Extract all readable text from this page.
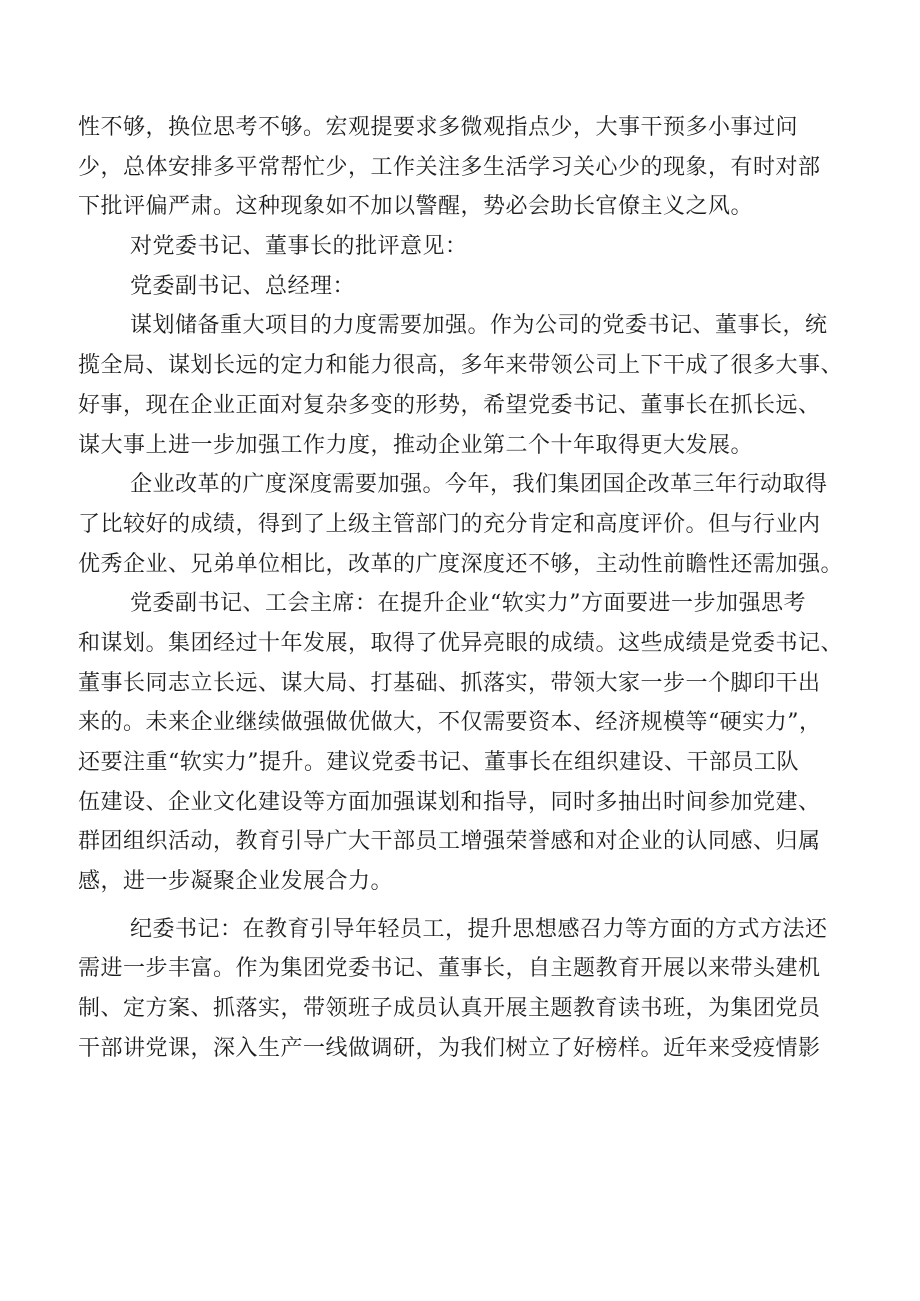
性不够，换位思考不够。宏观提要求多微观指点少，大事干预多小事过问
少，总体安排多平常帮忙少，工作关注多生活学习关心少的现象，有时对部
下批评偏严肃。这种现象如不加以警醒，势必会助长官僚主义之风。
对党委书记、董事长的批评意见：
党委副书记、总经理：
谋划储备重大项目的力度需要加强。作为公司的党委书记、董事长，统
揽全局、谋划长远的定力和能力很高，多年来带领公司上下干成了很多大事、
好事，现在企业正面对复杂多变的形势，希望党委书记、董事长在抓长远、
谋大事上进一步加强工作力度，推动企业第二个十年取得更大发展。
企业改革的广度深度需要加强。今年，我们集团国企改革三年行动取得
了比较好的成绩，得到了上级主管部门的充分肯定和高度评价。但与行业内
优秀企业、兄弟单位相比，改革的广度深度还不够，主动性前瞻性还需加强。
党委副书记、工会主席：在提升企业“软实力”方面要进一步加强思考
和谋划。集团经过十年发展，取得了优异亮眼的成绩。这些成绩是党委书记、
董事长同志立长远、谋大局、打基础、抓落实，带领大家一步一个脚印干出
来的。未来企业继续做强做优做大，不仅需要资本、经济规模等“硬实力”，
还要注重“软实力”提升。建议党委书记、董事长在组织建设、干部员工队
伍建设、企业文化建设等方面加强谋划和指导，同时多抽出时间参加党建、
群团组织活动，教育引导广大干部员工增强荣誉感和对企业的认同感、归属
感，进一步凝聚企业发展合力。
纪委书记：在教育引导年轻员工，提升思想感召力等方面的方式方法还
需进一步丰富。作为集团党委书记、董事长，自主题教育开展以来带头建机
制、定方案、抓落实，带领班子成员认真开展主题教育读书班，为集团党员
干部讲党课，深入生产一线做调研，为我们树立了好榜样。近年来受疫情影
